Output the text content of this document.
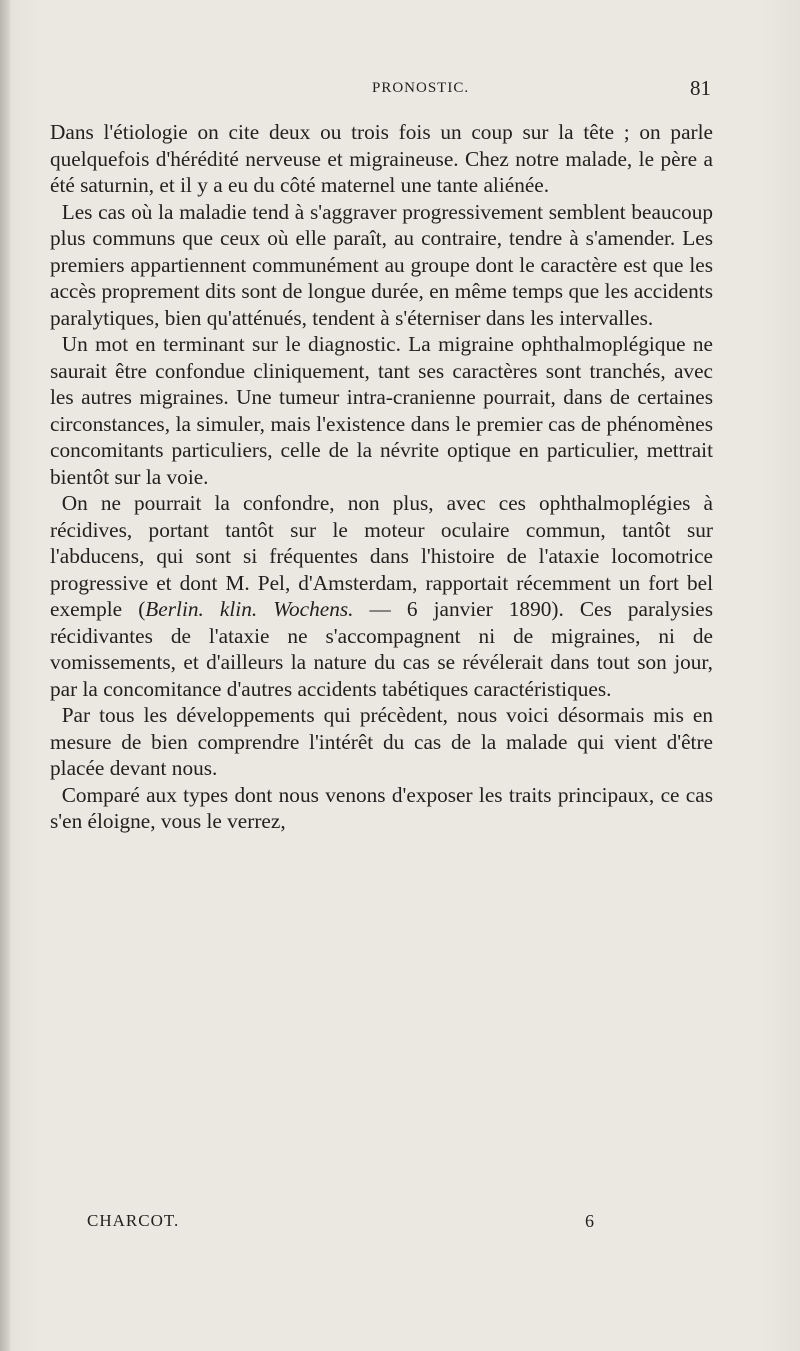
PRONOSTIC.	81

Dans l'étiologie on cite deux ou trois fois un coup sur la tête ; on parle quelquefois d'hérédité nerveuse et migraineuse. Chez notre malade, le père a été saturnin, et il y a eu du côté maternel une tante aliénée.

Les cas où la maladie tend à s'aggraver progressivement semblent beaucoup plus communs que ceux où elle paraît, au contraire, tendre à s'amender. Les premiers appartiennent communément au groupe dont le caractère est que les accès proprement dits sont de longue durée, en même temps que les accidents paralytiques, bien qu'atténués, tendent à s'éterniser dans les intervalles.

Un mot en terminant sur le diagnostic. La migraine ophthalmoplégique ne saurait être confondue cliniquement, tant ses caractères sont tranchés, avec les autres migraines. Une tumeur intra-cranienne pourrait, dans de certaines circonstances, la simuler, mais l'existence dans le premier cas de phénomènes concomitants particuliers, celle de la névrite optique en particulier, mettrait bientôt sur la voie.

On ne pourrait la confondre, non plus, avec ces ophthalmoplégies à récidives, portant tantôt sur le moteur oculaire commun, tantôt sur l'abducens, qui sont si fréquentes dans l'histoire de l'ataxie locomotrice progressive et dont M. Pel, d'Amsterdam, rapportait récemment un fort bel exemple (Berlin. klin. Wochens. — 6 janvier 1890). Ces paralysies récidivantes de l'ataxie ne s'accompagnent ni de migraines, ni de vomissements, et d'ailleurs la nature du cas se révélerait dans tout son jour, par la concomitance d'autres accidents tabétiques caractéristiques.

Par tous les développements qui précèdent, nous voici désormais mis en mesure de bien comprendre l'intérêt du cas de la malade qui vient d'être placée devant nous.

Comparé aux types dont nous venons d'exposer les traits principaux, ce cas s'en éloigne, vous le verrez,

CHARCOT.	6
